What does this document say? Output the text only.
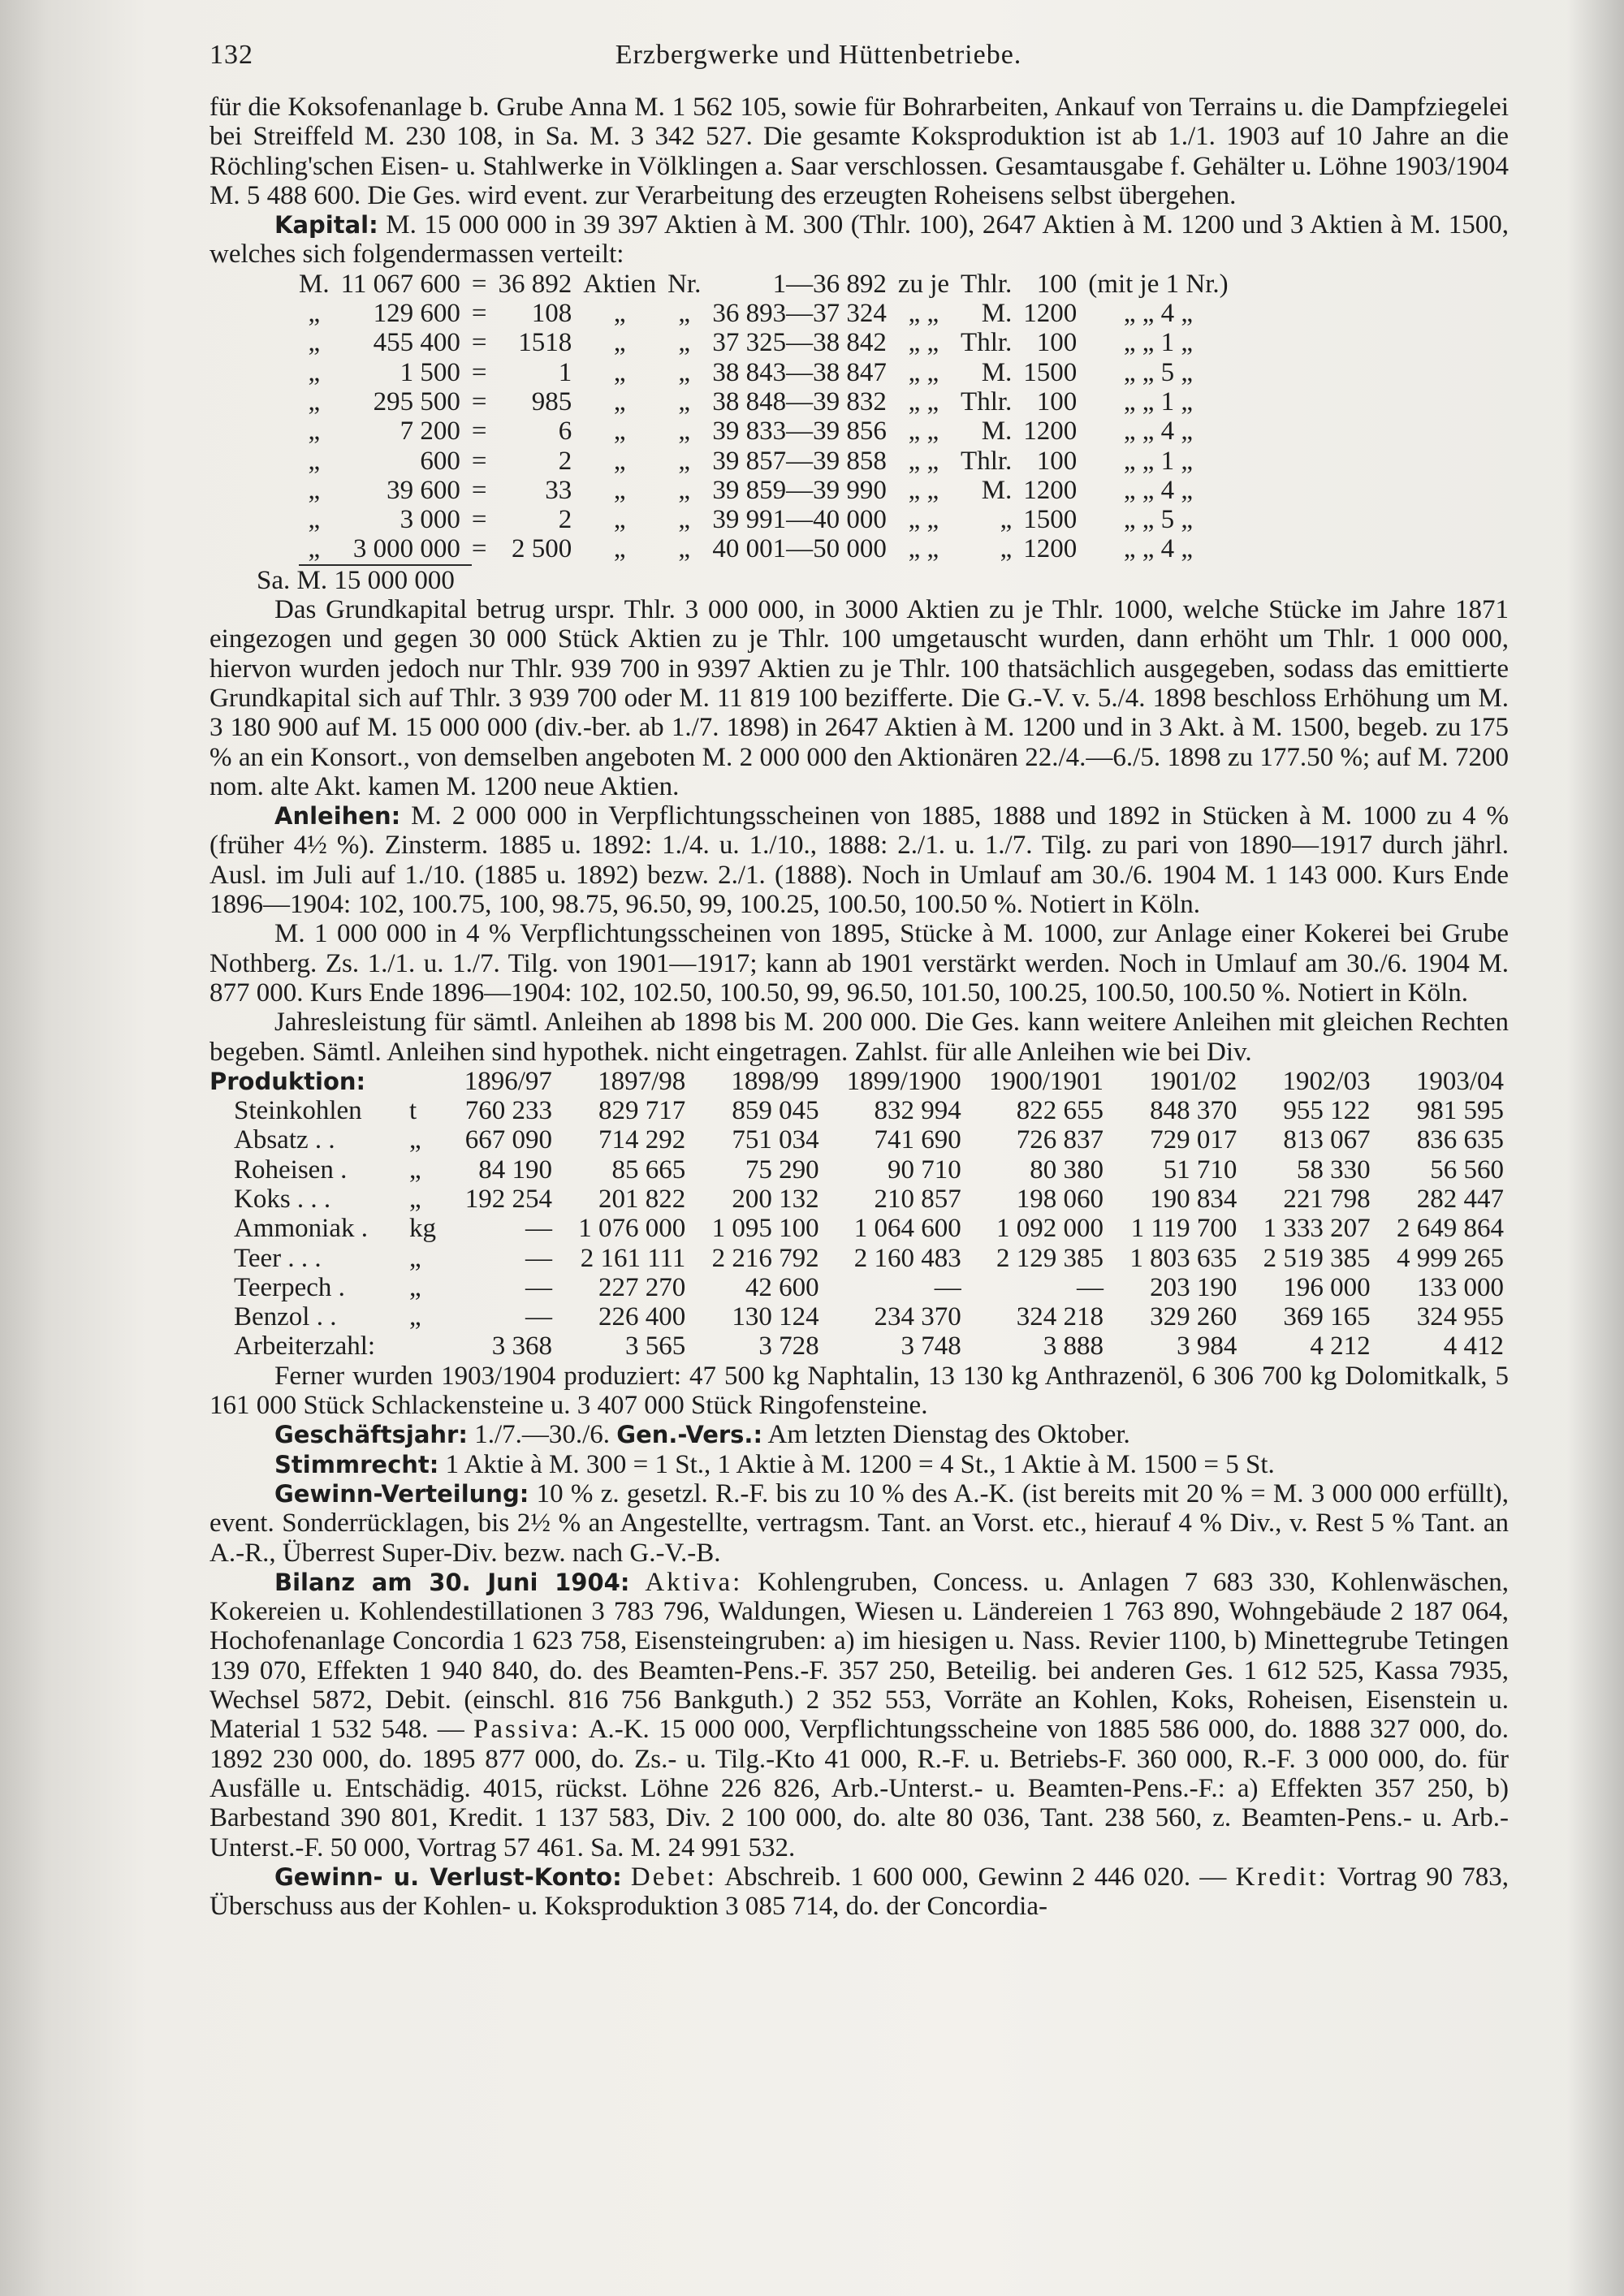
132	Erzbergwerke und Hüttenbetriebe.

für die Koksofenanlage b. Grube Anna M. 1 562 105, sowie für Bohrarbeiten, Ankauf von Terrains u. die Dampfziegelei bei Streiffeld M. 230 108, in Sa. M. 3 342 527. Die gesamte Koksproduktion ist ab 1./1. 1903 auf 10 Jahre an die Röchling'schen Eisen- u. Stahlwerke in Völklingen a. Saar verschlossen. Gesamtausgabe f. Gehälter u. Löhne 1903/1904 M. 5 488 600. Die Ges. wird event. zur Verarbeitung des erzeugten Roheisens selbst übergehen.

Kapital: M. 15 000 000 in 39 397 Aktien à M. 300 (Thlr. 100), 2647 Aktien à M. 1200 und 3 Aktien à M. 1500, welches sich folgendermassen verteilt:

M.	11 067 600	=	36 892	Aktien	Nr.	1—36 892	zu je	Thlr.	100	(mit je 1 Nr.)
„	129 600	=	108	„	„	36 893—37 324	„ „	M.	1200	„ „ 4 „
„	455 400	=	1518	„	„	37 325—38 842	„ „	Thlr.	100	„ „ 1 „
„	1 500	=	1	„	„	38 843—38 847	„ „	M.	1500	„ „ 5 „
„	295 500	=	985	„	„	38 848—39 832	„ „	Thlr.	100	„ „ 1 „
„	7 200	=	6	„	„	39 833—39 856	„ „	M.	1200	„ „ 4 „
„	600	=	2	„	„	39 857—39 858	„ „	Thlr.	100	„ „ 1 „
„	39 600	=	33	„	„	39 859—39 990	„ „	M.	1200	„ „ 4 „
„	3 000	=	2	„	„	39 991—40 000	„ „	„	1500	„ „ 5 „
„	3 000 000	=	2 500	„	„	40 001—50 000	„ „	„	1200	„ „ 4 „
Sa. M. 15 000 000

Das Grundkapital betrug urspr. Thlr. 3 000 000, in 3000 Aktien zu je Thlr. 1000, welche Stücke im Jahre 1871 eingezogen und gegen 30 000 Stück Aktien zu je Thlr. 100 umgetauscht wurden, dann erhöht um Thlr. 1 000 000, hiervon wurden jedoch nur Thlr. 939 700 in 9397 Aktien zu je Thlr. 100 thatsächlich ausgegeben, sodass das emittierte Grundkapital sich auf Thlr. 3 939 700 oder M. 11 819 100 bezifferte. Die G.-V. v. 5./4. 1898 beschloss Erhöhung um M. 3 180 900 auf M. 15 000 000 (div.-ber. ab 1./7. 1898) in 2647 Aktien à M. 1200 und in 3 Akt. à M. 1500, begeb. zu 175 % an ein Konsort., von demselben angeboten M. 2 000 000 den Aktionären 22./4.—6./5. 1898 zu 177.50 %; auf M. 7200 nom. alte Akt. kamen M. 1200 neue Aktien.

Anleihen: M. 2 000 000 in Verpflichtungsscheinen von 1885, 1888 und 1892 in Stücken à M. 1000 zu 4 % (früher 4½ %). Zinsterm. 1885 u. 1892: 1./4. u. 1./10., 1888: 2./1. u. 1./7. Tilg. zu pari von 1890—1917 durch jährl. Ausl. im Juli auf 1./10. (1885 u. 1892) bezw. 2./1. (1888). Noch in Umlauf am 30./6. 1904 M. 1 143 000. Kurs Ende 1896—1904: 102, 100.75, 100, 98.75, 96.50, 99, 100.25, 100.50, 100.50 %. Notiert in Köln.

M. 1 000 000 in 4 % Verpflichtungsscheinen von 1895, Stücke à M. 1000, zur Anlage einer Kokerei bei Grube Nothberg. Zs. 1./1. u. 1./7. Tilg. von 1901—1917; kann ab 1901 verstärkt werden. Noch in Umlauf am 30./6. 1904 M. 877 000. Kurs Ende 1896—1904: 102, 102.50, 100.50, 99, 96.50, 101.50, 100.25, 100.50, 100.50 %. Notiert in Köln.

Jahresleistung für sämtl. Anleihen ab 1898 bis M. 200 000. Die Ges. kann weitere Anleihen mit gleichen Rechten begeben. Sämtl. Anleihen sind hypothek. nicht eingetragen. Zahlst. für alle Anleihen wie bei Div.

Produktion:		1896/97	1897/98	1898/99	1899/1900	1900/1901	1901/02	1902/03	1903/04
Steinkohlen	t	760 233	829 717	859 045	832 994	822 655	848 370	955 122	981 595
Absatz . .	„	667 090	714 292	751 034	741 690	726 837	729 017	813 067	836 635
Roheisen .	„	84 190	85 665	75 290	90 710	80 380	51 710	58 330	56 560
Koks . . .	„	192 254	201 822	200 132	210 857	198 060	190 834	221 798	282 447
Ammoniak .	kg	—	1 076 000	1 095 100	1 064 600	1 092 000	1 119 700	1 333 207	2 649 864
Teer . . .	„	—	2 161 111	2 216 792	2 160 483	2 129 385	1 803 635	2 519 385	4 999 265
Teerpech .	„	—	227 270	42 600	—	—	203 190	196 000	133 000
Benzol . .	„	—	226 400	130 124	234 370	324 218	329 260	369 165	324 955
Arbeiterzahl:		3 368	3 565	3 728	3 748	3 888	3 984	4 212	4 412

Ferner wurden 1903/1904 produziert: 47 500 kg Naphtalin, 13 130 kg Anthrazenöl, 6 306 700 kg Dolomitkalk, 5 161 000 Stück Schlackensteine u. 3 407 000 Stück Ringofensteine.

Geschäftsjahr: 1./7.—30./6. Gen.-Vers.: Am letzten Dienstag des Oktober.

Stimmrecht: 1 Aktie à M. 300 = 1 St., 1 Aktie à M. 1200 = 4 St., 1 Aktie à M. 1500 = 5 St.

Gewinn-Verteilung: 10 % z. gesetzl. R.-F. bis zu 10 % des A.-K. (ist bereits mit 20 % = M. 3 000 000 erfüllt), event. Sonderrücklagen, bis 2½ % an Angestellte, vertragsm. Tant. an Vorst. etc., hierauf 4 % Div., v. Rest 5 % Tant. an A.-R., Überrest Super-Div. bezw. nach G.-V.-B.

Bilanz am 30. Juni 1904: Aktiva: Kohlengruben, Concess. u. Anlagen 7 683 330, Kohlenwäschen, Kokereien u. Kohlendestillationen 3 783 796, Waldungen, Wiesen u. Ländereien 1 763 890, Wohngebäude 2 187 064, Hochofenanlage Concordia 1 623 758, Eisensteingruben: a) im hiesigen u. Nass. Revier 1100, b) Minettegrube Tetingen 139 070, Effekten 1 940 840, do. des Beamten-Pens.-F. 357 250, Beteilig. bei anderen Ges. 1 612 525, Kassa 7935, Wechsel 5872, Debit. (einschl. 816 756 Bankguth.) 2 352 553, Vorräte an Kohlen, Koks, Roheisen, Eisenstein u. Material 1 532 548. — Passiva: A.-K. 15 000 000, Verpflichtungsscheine von 1885 586 000, do. 1888 327 000, do. 1892 230 000, do. 1895 877 000, do. Zs.- u. Tilg.-Kto 41 000, R.-F. u. Betriebs-F. 360 000, R.-F. 3 000 000, do. für Ausfälle u. Entschädig. 4015, rückst. Löhne 226 826, Arb.-Unterst.- u. Beamten-Pens.-F.: a) Effekten 357 250, b) Barbestand 390 801, Kredit. 1 137 583, Div. 2 100 000, do. alte 80 036, Tant. 238 560, z. Beamten-Pens.- u. Arb.-Unterst.-F. 50 000, Vortrag 57 461. Sa. M. 24 991 532.

Gewinn- u. Verlust-Konto: Debet: Abschreib. 1 600 000, Gewinn 2 446 020. — Kredit: Vortrag 90 783, Überschuss aus der Kohlen- u. Koksproduktion 3 085 714, do. der Concordia-
